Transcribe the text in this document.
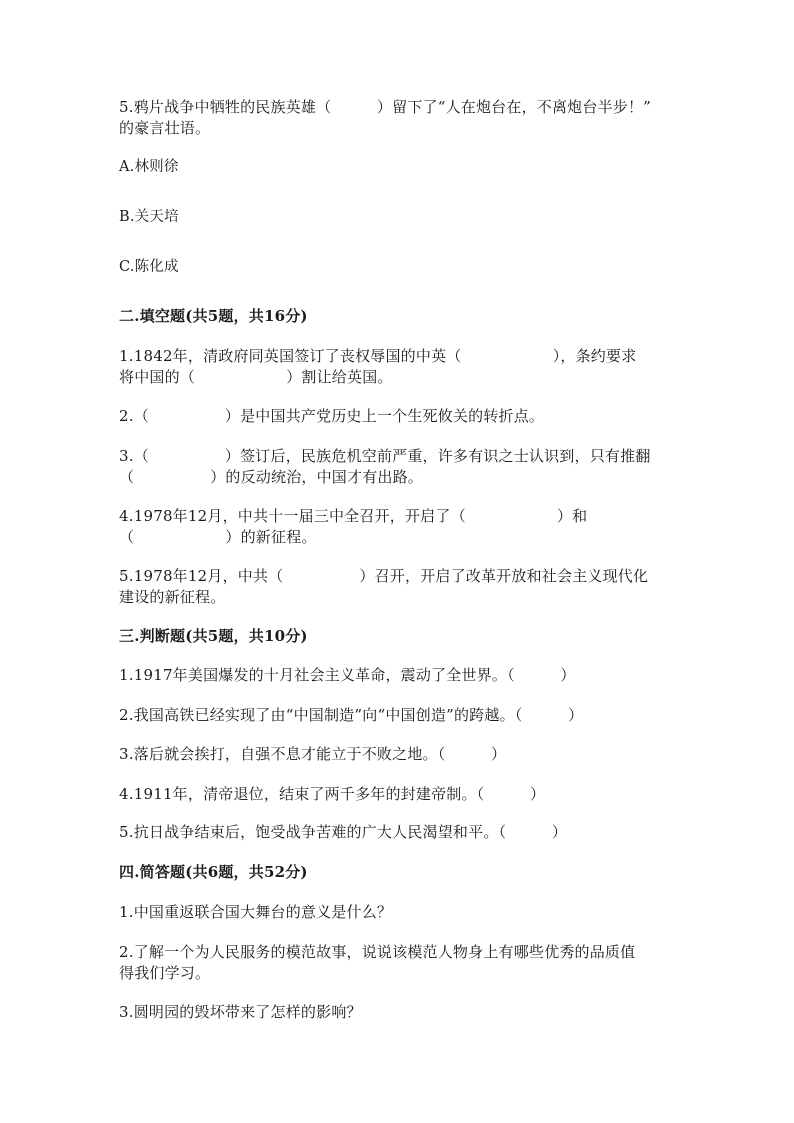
5.鸦片战争中牺牲的民族英雄（　　　）留下了“人在炮台在，不离炮台半步！”
的豪言壮语。
A.林则徐
B.关天培
C.陈化成
二.填空题(共5题，共16分)
1.1842年，清政府同英国签订了丧权辱国的中英（　　　　　　），条约要求
将中国的（　　　　　　）割让给英国。
2.（　　　　　）是中国共产党历史上一个生死攸关的转折点。
3.（　　　　　）签订后，民族危机空前严重，许多有识之士认识到，只有推翻
（　　　　　）的反动统治，中国才有出路。
4.1978年12月，中共十一届三中全召开，开启了（　　　　　　）和
（　　　　　　）的新征程。
5.1978年12月，中共（　　　　　）召开，开启了改革开放和社会主义现代化
建设的新征程。
三.判断题(共5题，共10分)
1.1917年美国爆发的十月社会主义革命，震动了全世界。（　　　）
2.我国高铁已经实现了由“中国制造”向“中国创造”的跨越。（　　　）
3.落后就会挨打，自强不息才能立于不败之地。（　　　）
4.1911年，清帝退位，结束了两千多年的封建帝制。（　　　）
5.抗日战争结束后，饱受战争苦难的广大人民渴望和平。（　　　）
四.简答题(共6题，共52分)
1.中国重返联合国大舞台的意义是什么？
2.了解一个为人民服务的模范故事，说说该模范人物身上有哪些优秀的品质值
得我们学习。
3.圆明园的毁坏带来了怎样的影响？
